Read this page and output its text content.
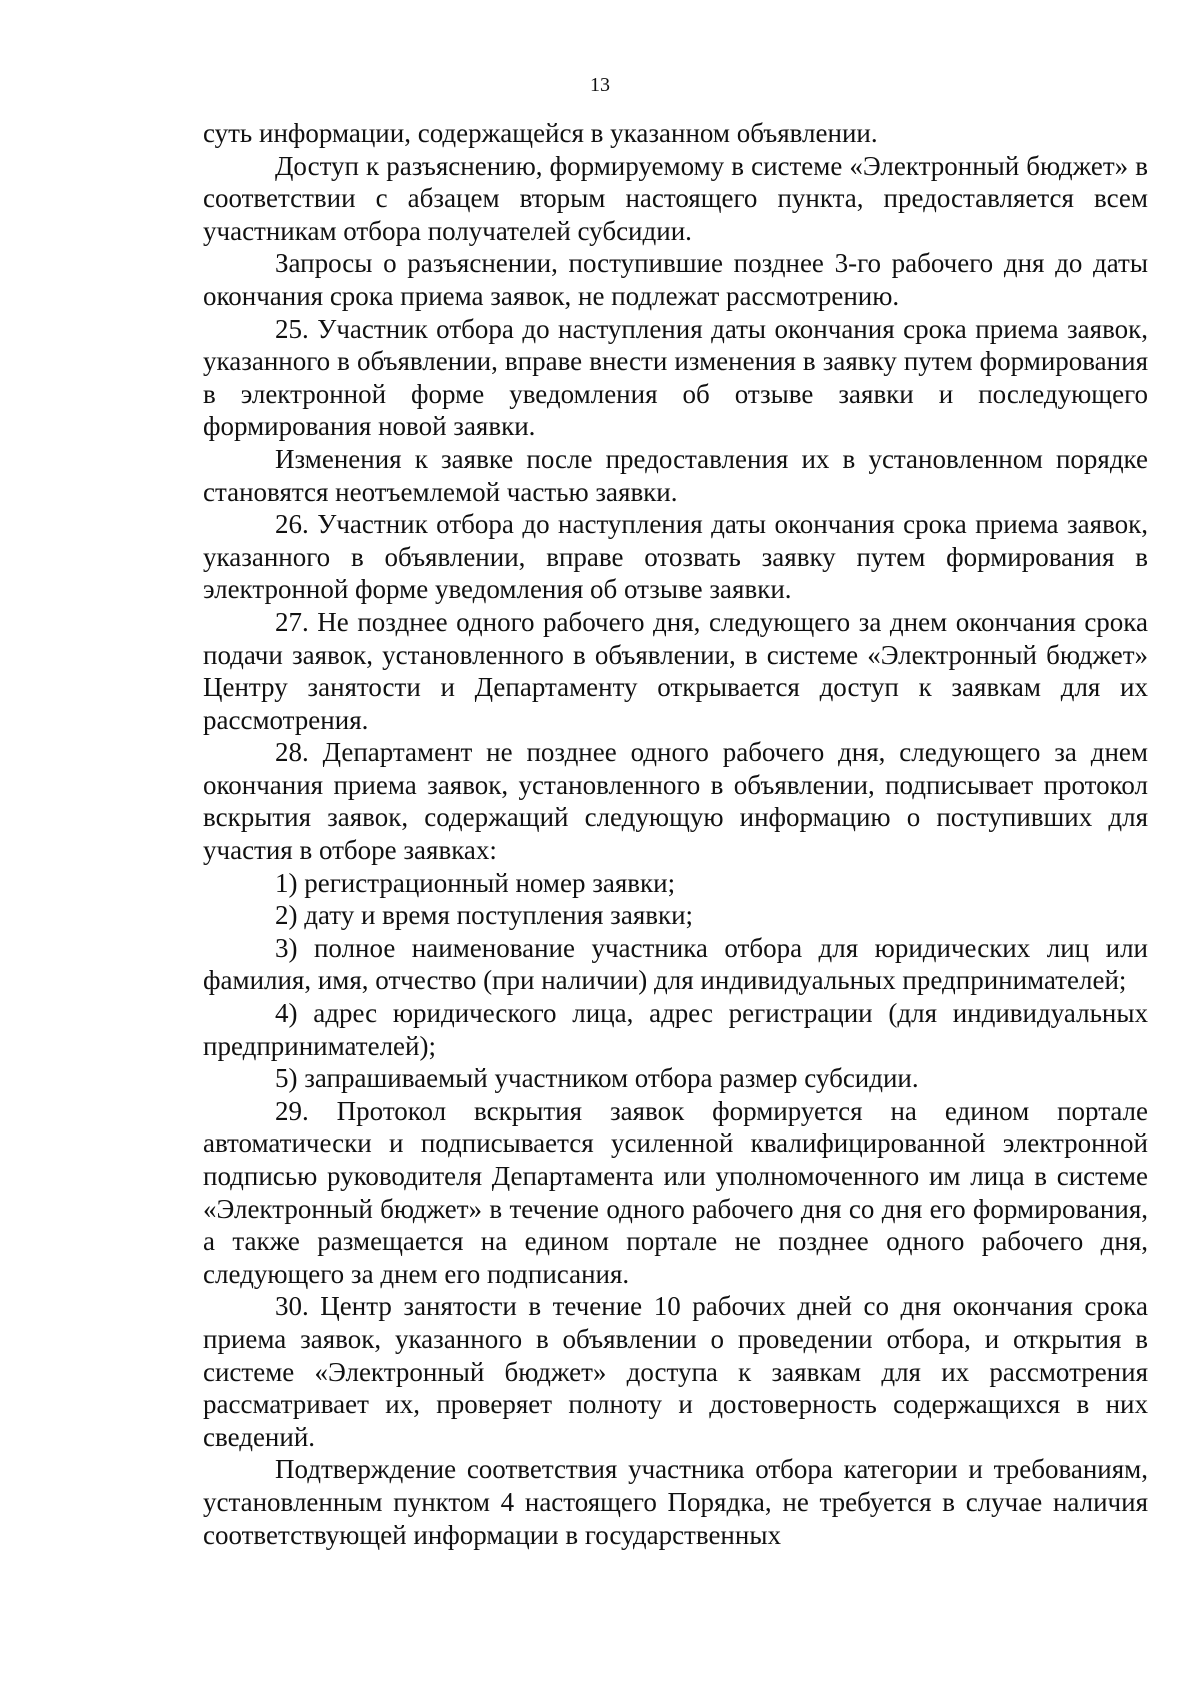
13

суть информации, содержащейся в указанном объявлении.

Доступ к разъяснению, формируемому в системе «Электронный бюджет» в соответствии с абзацем вторым настоящего пункта, предоставляется всем участникам отбора получателей субсидии.

Запросы о разъяснении, поступившие позднее 3-го рабочего дня до даты окончания срока приема заявок, не подлежат рассмотрению.

25. Участник отбора до наступления даты окончания срока приема заявок, указанного в объявлении, вправе внести изменения в заявку путем формирования в электронной форме уведомления об отзыве заявки и последующего формирования новой заявки.

Изменения к заявке после предоставления их в установленном порядке становятся неотъемлемой частью заявки.

26. Участник отбора до наступления даты окончания срока приема заявок, указанного в объявлении, вправе отозвать заявку путем формирования в электронной форме уведомления об отзыве заявки.

27. Не позднее одного рабочего дня, следующего за днем окончания срока подачи заявок, установленного в объявлении, в системе «Электронный бюджет» Центру занятости и Департаменту открывается доступ к заявкам для их рассмотрения.

28. Департамент не позднее одного рабочего дня, следующего за днем окончания приема заявок, установленного в объявлении, подписывает протокол вскрытия заявок, содержащий следующую информацию о поступивших для участия в отборе заявках:

1) регистрационный номер заявки;

2) дату и время поступления заявки;

3) полное наименование участника отбора для юридических лиц или фамилия, имя, отчество (при наличии) для индивидуальных предпринимателей;

4) адрес юридического лица, адрес регистрации (для индивидуальных предпринимателей);

5) запрашиваемый участником отбора размер субсидии.

29. Протокол вскрытия заявок формируется на едином портале автоматически и подписывается усиленной квалифицированной электронной подписью руководителя Департамента или уполномоченного им лица в системе «Электронный бюджет» в течение одного рабочего дня со дня его формирования, а также размещается на едином портале не позднее одного рабочего дня, следующего за днем его подписания.

30. Центр занятости в течение 10 рабочих дней со дня окончания срока приема заявок, указанного в объявлении о проведении отбора, и открытия в системе «Электронный бюджет» доступа к заявкам для их рассмотрения рассматривает их, проверяет полноту и достоверность содержащихся в них сведений.

Подтверждение соответствия участника отбора категории и требованиям, установленным пунктом 4 настоящего Порядка, не требуется в случае наличия соответствующей информации в государственных
